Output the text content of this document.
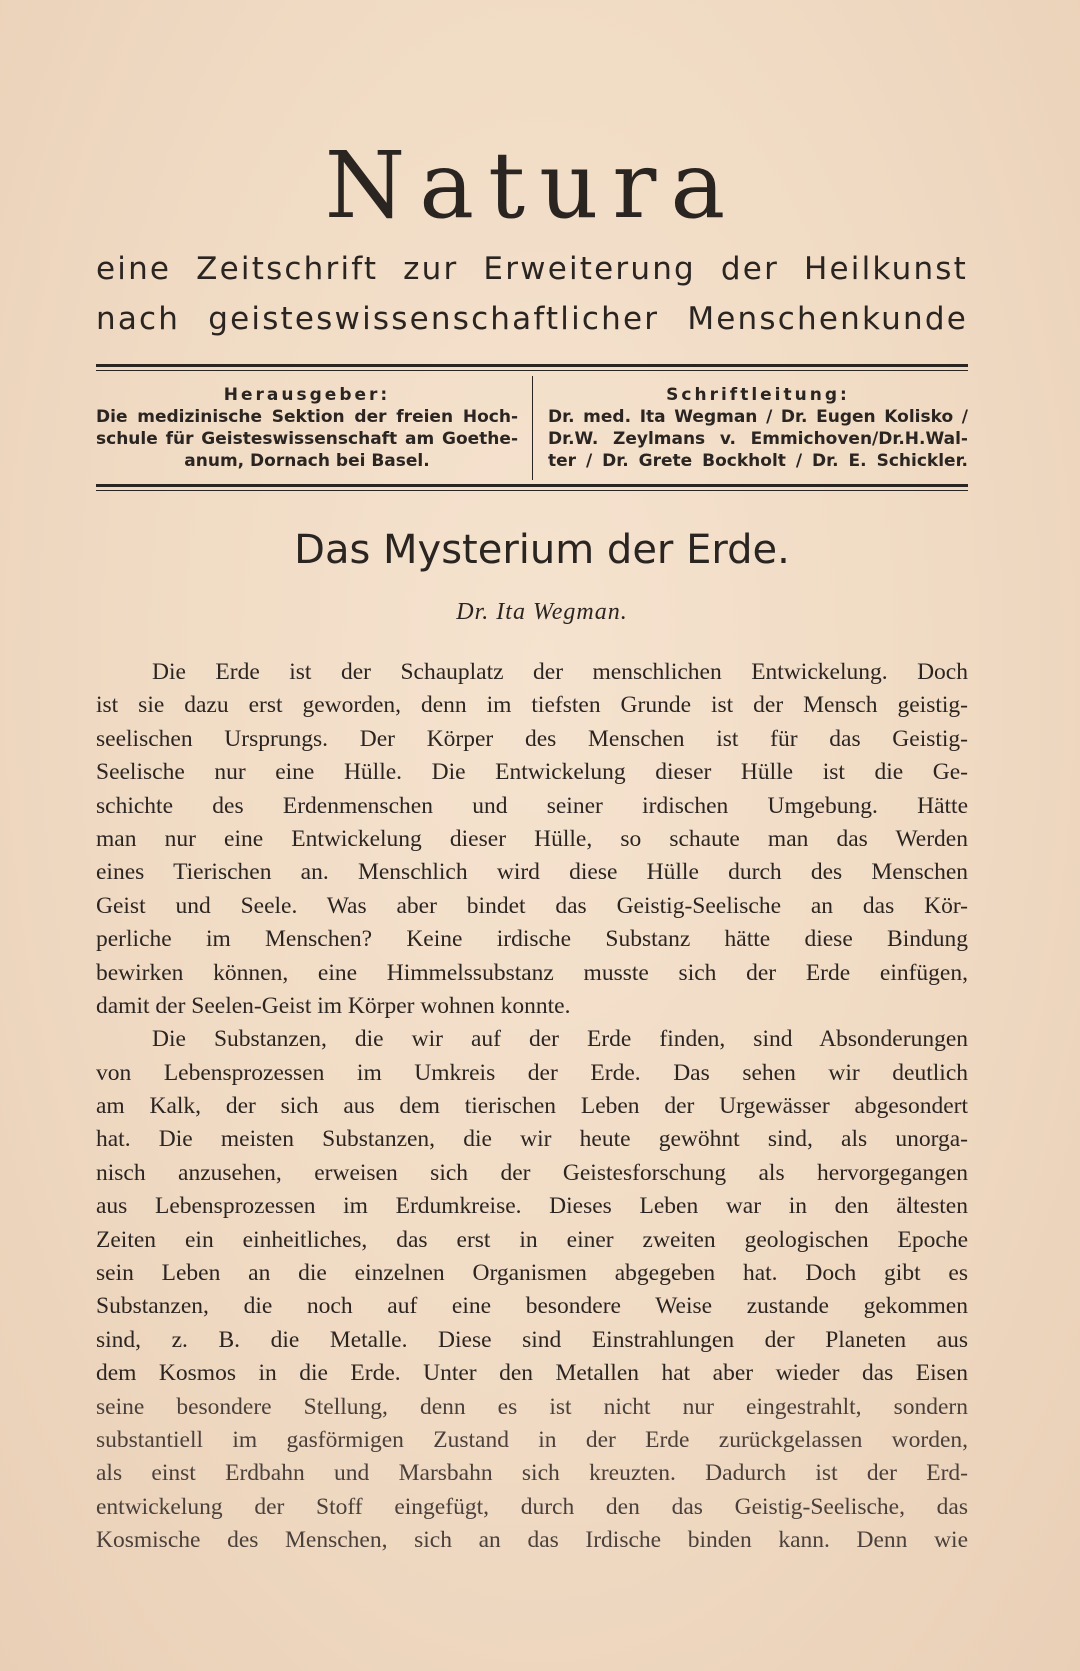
Natura
eine Zeitschrift zur Erweiterung der Heilkunst
nach geisteswissenschaftlicher Menschenkunde
Herausgeber:
Die medizinische Sektion der freien Hoch-
schule für Geisteswissenschaft am Goethe-
anum, Dornach bei Basel.
Schriftleitung:
Dr. med. Ita Wegman / Dr. Eugen Kolisko /
Dr.W. Zeylmans v. Emmichoven/Dr.H.Wal-
ter / Dr. Grete Bockholt / Dr. E. Schickler.
Das Mysterium der Erde.
Dr. Ita Wegman.
Die Erde ist der Schauplatz der menschlichen Entwickelung. Doch
ist sie dazu erst geworden, denn im tiefsten Grunde ist der Mensch geistig-
seelischen Ursprungs. Der Körper des Menschen ist für das Geistig-
Seelische nur eine Hülle. Die Entwickelung dieser Hülle ist die Ge-
schichte des Erdenmenschen und seiner irdischen Umgebung. Hätte
man nur eine Entwickelung dieser Hülle, so schaute man das Werden
eines Tierischen an. Menschlich wird diese Hülle durch des Menschen
Geist und Seele. Was aber bindet das Geistig-Seelische an das Kör-
perliche im Menschen? Keine irdische Substanz hätte diese Bindung
bewirken können, eine Himmelssubstanz musste sich der Erde einfügen,
damit der Seelen-Geist im Körper wohnen konnte.
Die Substanzen, die wir auf der Erde finden, sind Absonderungen
von Lebensprozessen im Umkreis der Erde. Das sehen wir deutlich
am Kalk, der sich aus dem tierischen Leben der Urgewässer abgesondert
hat. Die meisten Substanzen, die wir heute gewöhnt sind, als unorga-
nisch anzusehen, erweisen sich der Geistesforschung als hervorgegangen
aus Lebensprozessen im Erdumkreise. Dieses Leben war in den ältesten
Zeiten ein einheitliches, das erst in einer zweiten geologischen Epoche
sein Leben an die einzelnen Organismen abgegeben hat. Doch gibt es
Substanzen, die noch auf eine besondere Weise zustande gekommen
sind, z. B. die Metalle. Diese sind Einstrahlungen der Planeten aus
dem Kosmos in die Erde. Unter den Metallen hat aber wieder das Eisen
seine besondere Stellung, denn es ist nicht nur eingestrahlt, sondern
substantiell im gasförmigen Zustand in der Erde zurückgelassen worden,
als einst Erdbahn und Marsbahn sich kreuzten. Dadurch ist der Erd-
entwickelung der Stoff eingefügt, durch den das Geistig-Seelische, das
Kosmische des Menschen, sich an das Irdische binden kann. Denn wie
